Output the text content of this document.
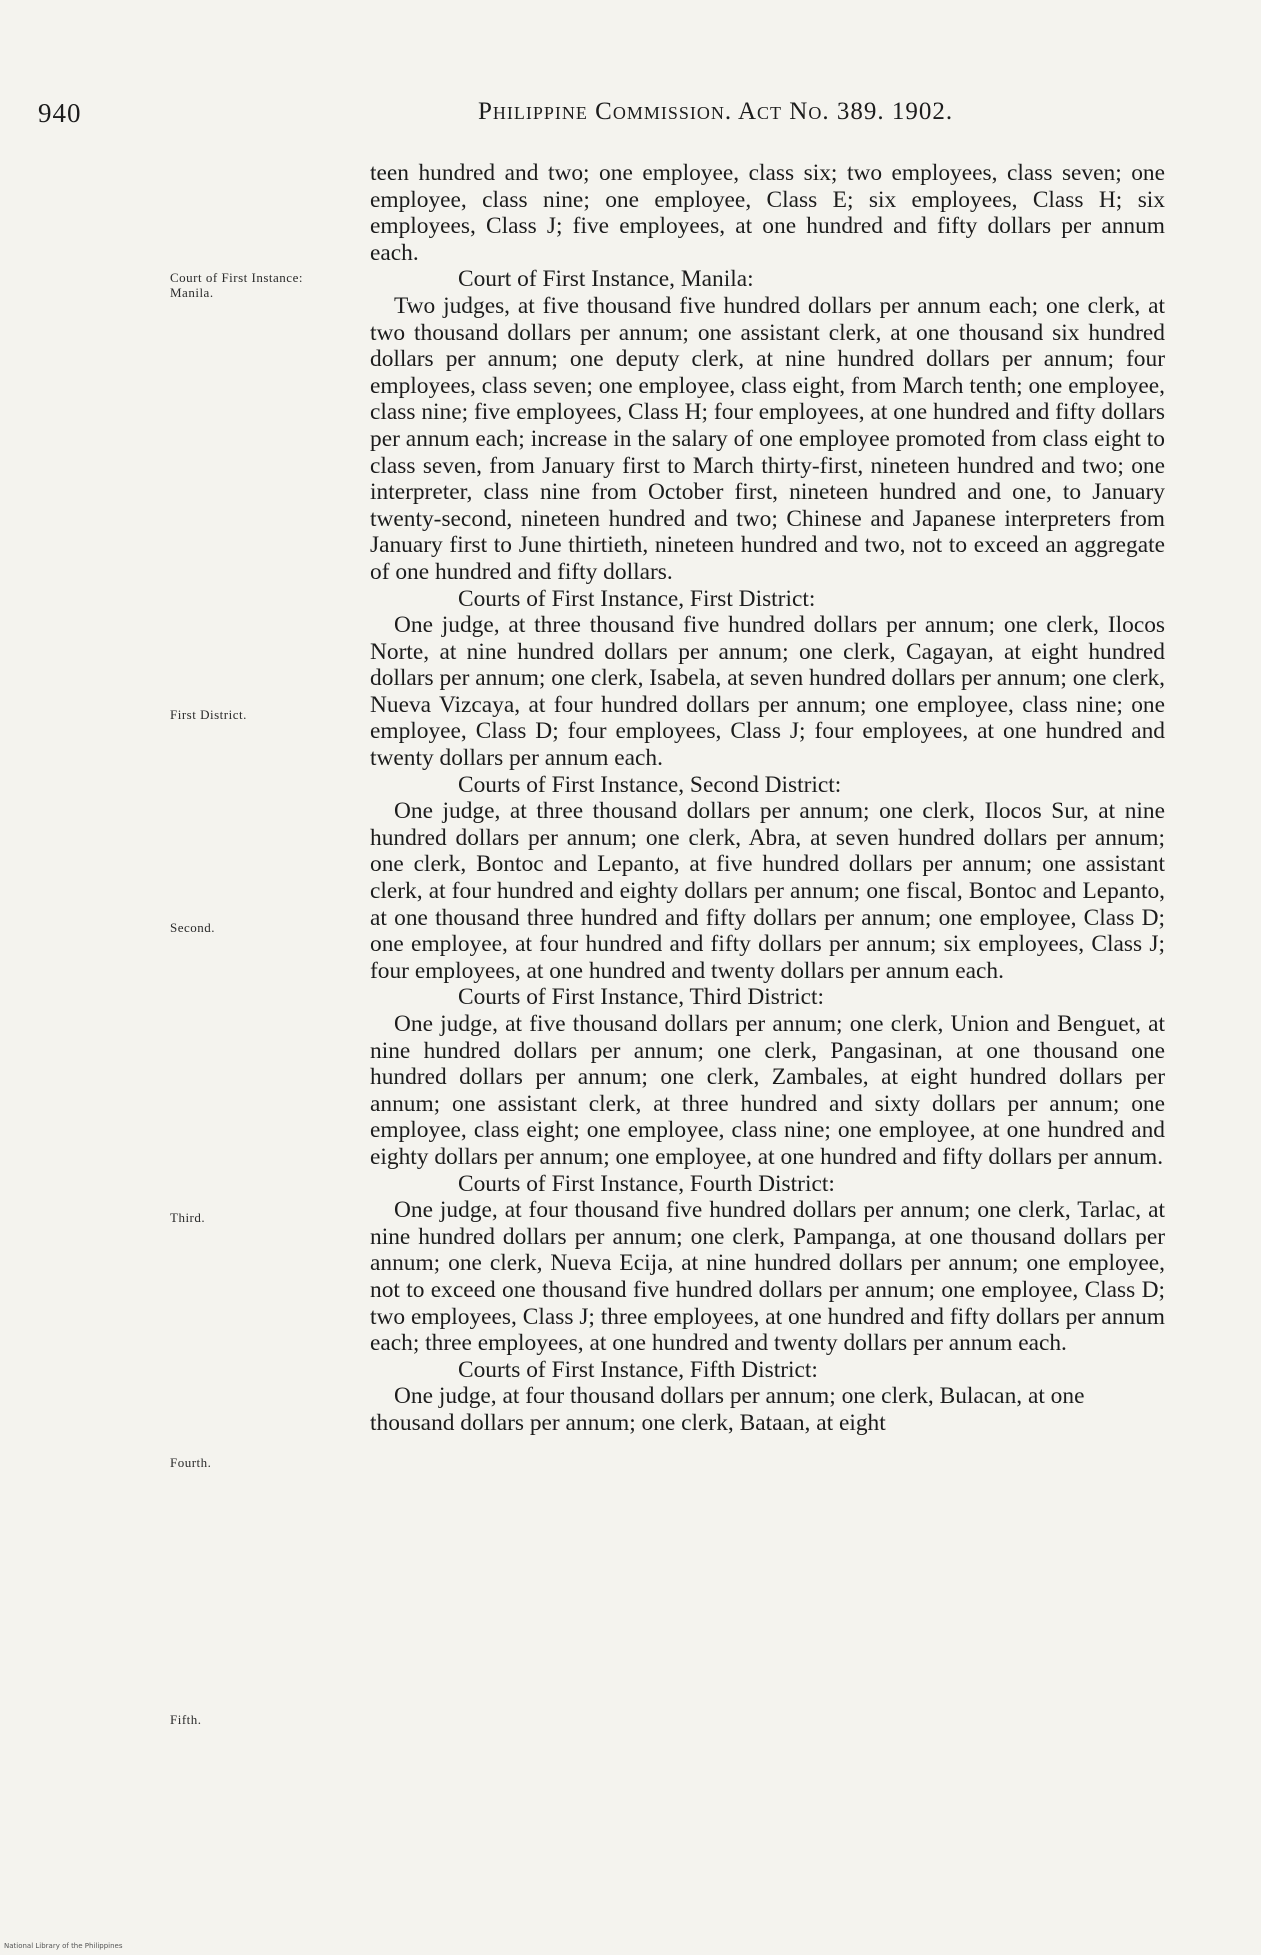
940	Philippine Commission. Act No. 389. 1902.
Court of First Instance: Manila.
First District.
Second.
Third.
Fourth.
Fifth.

teen hundred and two; one employee, class six; two employees, class seven; one employee, class nine; one employee, Class E; six employees, Class H; six employees, Class J; five employees, at one hundred and fifty dollars per annum each.

Court of First Instance, Manila:

Two judges, at five thousand five hundred dollars per annum each; one clerk, at two thousand dollars per annum; one assistant clerk, at one thousand six hundred dollars per annum; one deputy clerk, at nine hundred dollars per annum; four employees, class seven; one employee, class eight, from March tenth; one employee, class nine; five employees, Class H; four employees, at one hundred and fifty dollars per annum each; increase in the salary of one employee promoted from class eight to class seven, from January first to March thirty-first, nineteen hundred and two; one interpreter, class nine from October first, nineteen hundred and one, to January twenty-second, nineteen hundred and two; Chinese and Japanese interpreters from January first to June thirtieth, nineteen hundred and two, not to exceed an aggregate of one hundred and fifty dollars.

Courts of First Instance, First District:

One judge, at three thousand five hundred dollars per annum; one clerk, Ilocos Norte, at nine hundred dollars per annum; one clerk, Cagayan, at eight hundred dollars per annum; one clerk, Isabela, at seven hundred dollars per annum; one clerk, Nueva Vizcaya, at four hundred dollars per annum; one employee, class nine; one employee, Class D; four employees, Class J; four employees, at one hundred and twenty dollars per annum each.

Courts of First Instance, Second District:

One judge, at three thousand dollars per annum; one clerk, Ilocos Sur, at nine hundred dollars per annum; one clerk, Abra, at seven hundred dollars per annum; one clerk, Bontoc and Lepanto, at five hundred dollars per annum; one assistant clerk, at four hundred and eighty dollars per annum; one fiscal, Bontoc and Lepanto, at one thousand three hundred and fifty dollars per annum; one employee, Class D; one employee, at four hundred and fifty dollars per annum; six employees, Class J; four employees, at one hundred and twenty dollars per annum each.

Courts of First Instance, Third District:

One judge, at five thousand dollars per annum; one clerk, Union and Benguet, at nine hundred dollars per annum; one clerk, Pangasinan, at one thousand one hundred dollars per annum; one clerk, Zambales, at eight hundred dollars per annum; one assistant clerk, at three hundred and sixty dollars per annum; one employee, class eight; one employee, class nine; one employee, at one hundred and eighty dollars per annum; one employee, at one hundred and fifty dollars per annum.

Courts of First Instance, Fourth District:

One judge, at four thousand five hundred dollars per annum; one clerk, Tarlac, at nine hundred dollars per annum; one clerk, Pampanga, at one thousand dollars per annum; one clerk, Nueva Ecija, at nine hundred dollars per annum; one employee, not to exceed one thousand five hundred dollars per annum; one employee, Class D; two employees, Class J; three employees, at one hundred and fifty dollars per annum each; three employees, at one hundred and twenty dollars per annum each.

Courts of First Instance, Fifth District:

One judge, at four thousand dollars per annum; one clerk, Bulacan, at one thousand dollars per annum; one clerk, Bataan, at eight

National Library of the Philippines
